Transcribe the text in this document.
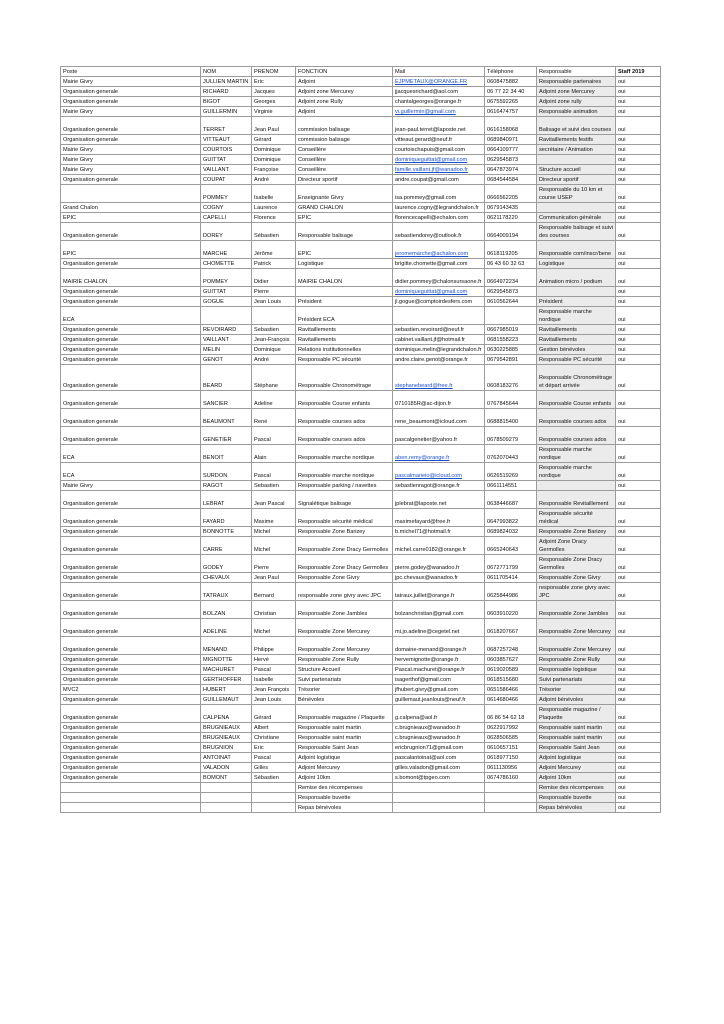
Poste	NOM	PRENOM	FONCTION	Mail	Téléphone	Responsable	Staff 2019
Mairie Givry	JULLIEN MARTIN	Eric	Adjoint	EJPMETAUX@ORANGE.FR	0608475882	Responsable partenaires	oui
Organisation generale	RICHARD	Jacques	Adjoint zone Mercurey	jjacquesrichard@aol.com	06 77 22 34 40	Adjoint zone Mercurey	oui
Organisation generale	BIGOT	Georges	Adjoint zone Rully	chantalgeorges@orange.fr	0675592265	Adjoint zone rully	oui
Mairie Givry	GUILLERMIN	Virginie	Adjoint	vi.guillermin@gmail.com	0616474757	Responsable animation	oui
Organisation generale	TERRET	Jean Paul	commission balisage	jean-paul.terret@laposte.net	0616158068	Balisage et suivi des courses	oui
Organisation generale	VITTEAUT	Gérard	commission balisage	vitteaut.gerard@neuf.fr	0689840971	Ravitaillements festifs	oui
Mairie Givry	COURTOIS	Dominique	Conseillère	courtoischapuis@gmail.com	0664109777	secrétaire / Animation	oui
Mairie Givry	GUITTAT	Dominique	Conseillère	dominiqueguittat@gmail.com	0629545873		oui
Mairie Givry	VAILLANT	Françoise	Conseillère	famille.vaillant.jf@wanadoo.fr	0647873974	Structure accueil	oui
Organisation generale	COUPAT	André	Directeur sportif	andre.coupat@gmail.com	0684544584	Directeur sportif	oui
	POMMEY	Isabelle	Enseignante Givry	isa.pommey@gmail.com	0666562205	Responsable du 10 km et course USEP	oui
Grand Chalon	COGNY	Laurence	GRAND CHALON	laurence.cogny@legrandchalon.fr	0679143435		oui
EPIC	CAPELLI	Florence	EPIC	florencecapelli@echalon.com	0621178220	Communication générale	oui
Organisation generale	DOREY	Sébastien	Responsable balisage	sebastiendorey@outlook.fr	0664009194	Responsable balisage et suivi des courses	oui
EPIC	MARCHE	Jérôme	EPIC	jeromemarche@achalon.com	0618119205	Responsable com/inscr/bene	oui
Organisation generale	CHOMETTE	Patrick	Logistique	brigitte.chomette@gmail.com	06 43 60 32 63	Logistique	oui
MAIRIE CHALON	POMMEY	Didier	MAIRIE CHALON	didier.pommey@chalonsursaone.fr	0664972234	Animation micro / podium	oui
Organisation generale	GUITTAT	Pierre		dominiqueguittat@gmail.com	0629545873		oui
Organisation generale	GOGUE	Jean Louis	Président	jl.gogue@comptoirdesfers.com	0610562644	Président	oui
ECA			Président ECA			Responsable marche nordique	oui
Organisation generale	REVOIRARD	Sebastien	Ravitaillements	sebastien.revoirard@neuf.fr	0667985019	Ravitaillements	oui
Organisation generale	VAILLANT	Jean-François	Ravitaillements	cabinet.vaillant.jf@hotmail.fr	0681558223	Ravitaillements	oui
Organisation generale	MELIN	Dominique	Relations institutionnelles	dominique.melin@legrandchalon.fr	0630225885	Gestion bénévoles	oui
Organisation generale	GENOT	André	Responsable PC sécurité	andre.claire.genot@orange.fr	0679542891	Responsable PC sécurité	oui
Organisation generale	BEARD	Stéphane	Responsable Chronométrage	stephanebeard@free.fr	0608183276	Responsable Chronométrage et départ arrivée	oui
Organisation generale	SANCIER	Adeline	Responsable Course enfants	0710185R@ac-dijon.fr	0767845644	Responsable Course enfants	oui
Organisation generale	BEAUMONT	René	Responsable courses ados	rene_beaumont@icloud.com	0688815400	Responsable courses ados	oui
Organisation generale	GENETIER	Pascal	Responsable courses ados	pascalgenetier@yahoo.fr	0678509279	Responsable courses ados	oui
ECA	BENOIT	Alain	Responsable marche nordique	aben.remy@orange.fr	0762070443	Responsable marche nordique	oui
ECA	SURDON	Pascal	Responsable marche nordique	pascalmarieio@icloud.com	0626519269	Responsable marche nordique	oui
Mairie Givry	RAGOT	Sebastien	Responsable parking / navettes	sebastienragot@orange.fr	0661114551		oui
Organisation generale	LEBRAT	Jean Pascal	Signalétique balisage	jplebrat@laposte.net	0638446687	Responsable Revitaillement	oui
Organisation generale	FAYARD	Maxime	Responsable sécurité médical	maximefayard@free.fr	0647993822	Responsable sécurité médical	oui
Organisation generale	BONNOTTE	Michel	Responsable Zone Barizey	b.michel71@hotmail.fr	0689824032	Responsable Zone Barizey	oui
Organisation generale	CARRE	Michel	Responsable Zone Dracy Germolles	michel.carre0182@orange.fr	0665240643	Adjoint Zone Dracy Germolles	oui
Organisation generale	GODEY	Pierre	Responsable Zone Dracy Germolles	pierre.godey@wanadoo.fr	0672771799	Responsable Zone Dracy Germolles	oui
Organisation generale	CHEVAUX	Jean Paul	Responsable Zone Givry	jpc.chevaux@wanadoo.fr	0611705414	Responsable Zone Givry	oui
Organisation generale	TATRAUX	Bernard	responsable zone givry avec JPC	tatraux.juillet@orange.fr	0625844986	responsable zone givry avec JPC	oui
Organisation generale	BOLZAN	Christian	Responsable Zone Jambles	bolzanchristian@gmail.com	0603910220	Responsable Zone Jambles	oui
Organisation generale	ADELINE	Michel	Responsable Zone Mercurey	mi.jo.adeline@cegetel.net	0618207667	Responsable Zone Mercurey	oui
Organisation generale	MENAND	Philippe	Responsable Zone Mercurey	domaine-menand@orange.fr	0687257248	Responsable Zone Mercurey	oui
Organisation generale	MIGNOTTE	Hervé	Responsable Zone Rully	hervemignotte@orange.fr	0603857627	Responsable Zone Rully	oui
Organisation generale	MACHURET	Pascal	Structure Accueil	Pascal.machuret@orange.fr	0619020589	Responsable logistique	oui
Organisation generale	GERTHOFFER	Isabelle	Suivi partenariats	isagerthof@gmail.com	0618515680	Suivi partenariats	oui
MVC2	HUBERT	Jean François	Trésorier	jfhubert.givry@gmail.com	0651586466	Trésorier	oui
Organisation generale	GUILLEMAUT	Jean Louis	Bénévoles	guillemaut.jeanlouis@neuf.fr	0614680466	Adjoint bénévoles	oui
Organisation generale	CALPENA	Gérard	Responsable magazine / Plaquette	g.calpena@aol.fr	06 86 54 62 18	Responsable magazine / Plaquette	oui
Organisation generale	BRUGNIEAUX	Albert	Responsable saint martin	c.brugnieaux@wanadoo.fr	0622917992	Responsable saint martin	oui
Organisation generale	BRUGNIEAUX	Christiane	Responsable saint martin	c.brugnieaux@wanadoo.fr	0628506585	Responsable saint martin	oui
Organisation generale	BRUGNION	Eric	Responsable Saint Jean	ericbrugnion71@gmail.com	0610657151	Responsable Saint Jean	oui
Organisation generale	ANTOINAT	Pascal	Adjoint logistique	pascalantoinat@aol.com	0618977150	Adjoint logistique	oui
Organisation generale	VALADON	Gilles	Adjoint Mercurey	gilles.valadon@gmail.com	0611130956	Adjoint Mercurey	oui
Organisation generale	BOMONT	Sébastien	Adjoint 10km	s.bomont@tpgeo.com	0674786160	Adjoint 10km	oui
			Remise des récompenses			Remise des récompenses	oui
			Responsable buvette			Responsable buvette	oui
			Repas bénévoles			Repas bénévoles	oui
